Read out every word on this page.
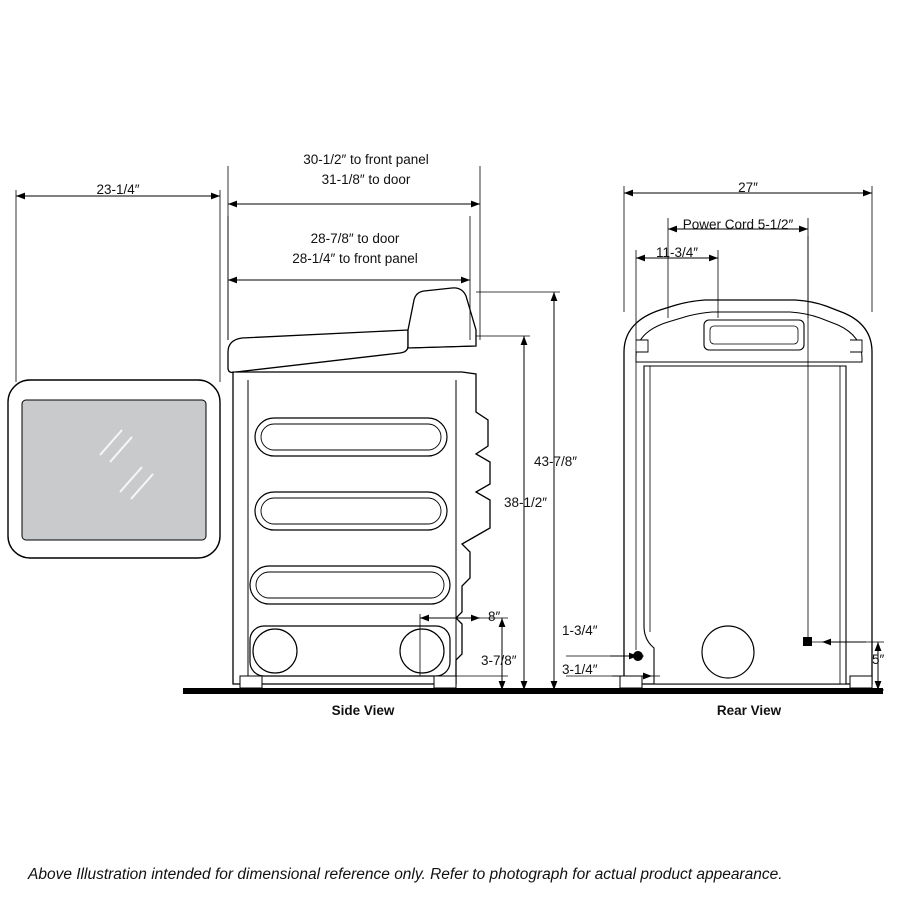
23-1/4″
30-1/2″ to front panel
31-1/8″ to door
28-7/8″ to door
28-1/4″ to front panel
43-7/8″
38-1/2″
8″
3-7/8″
27″
Power Cord 5-1/2″
11-3/4″
1-3/4″
3-1/4″
5″
Side View	Rear View
Above Illustration intended for dimensional reference only. Refer to photograph for actual product appearance.
